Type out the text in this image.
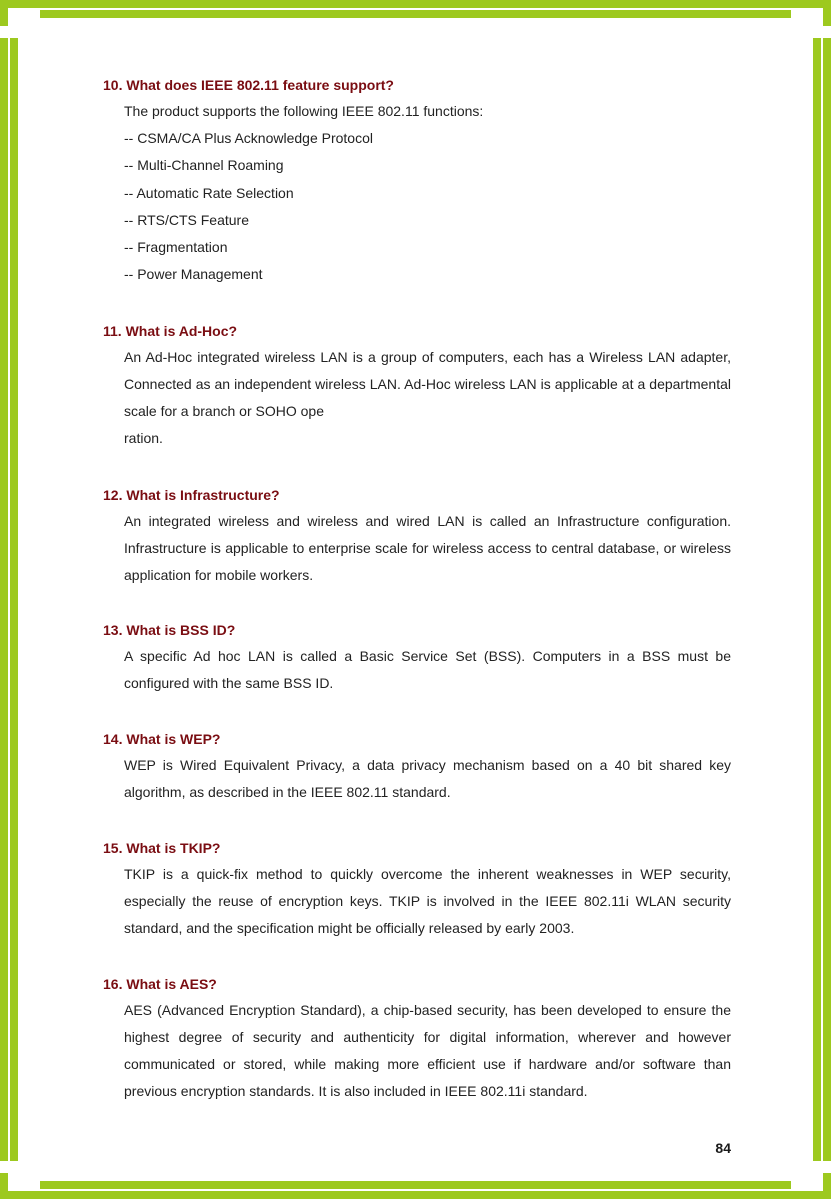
10. What does IEEE 802.11 feature support?

The product supports the following IEEE 802.11 functions:

-- CSMA/CA Plus Acknowledge Protocol
-- Multi-Channel Roaming
-- Automatic Rate Selection
-- RTS/CTS Feature
-- Fragmentation
-- Power Management
11. What is Ad-Hoc?

An Ad-Hoc integrated wireless LAN is a group of computers, each has a Wireless LAN adapter, Connected as an independent wireless LAN. Ad-Hoc wireless LAN is applicable at a departmental scale for a branch or SOHO ope

ration.

12. What is Infrastructure?

An integrated wireless and wireless and wired LAN is called an Infrastructure configuration. Infrastructure is applicable to enterprise scale for wireless access to central database, or wireless application for mobile workers.

13. What is BSS ID?

A specific Ad hoc LAN is called a Basic Service Set (BSS). Computers in a BSS must be configured with the same BSS ID.

14. What is WEP?

WEP is Wired Equivalent Privacy, a data privacy mechanism based on a 40 bit shared key algorithm, as described in the IEEE 802.11 standard.

15. What is TKIP?

TKIP is a quick-fix method to quickly overcome the inherent weaknesses in WEP security, especially the reuse of encryption keys. TKIP is involved in the IEEE 802.11i WLAN security standard, and the specification might be officially released by early 2003.

16. What is AES?

AES (Advanced Encryption Standard), a chip-based security, has been developed to ensure the highest degree of security and authenticity for digital information, wherever and however communicated or stored, while making more efficient use if hardware and/or software than previous encryption standards. It is also included in IEEE 802.11i standard.

84
